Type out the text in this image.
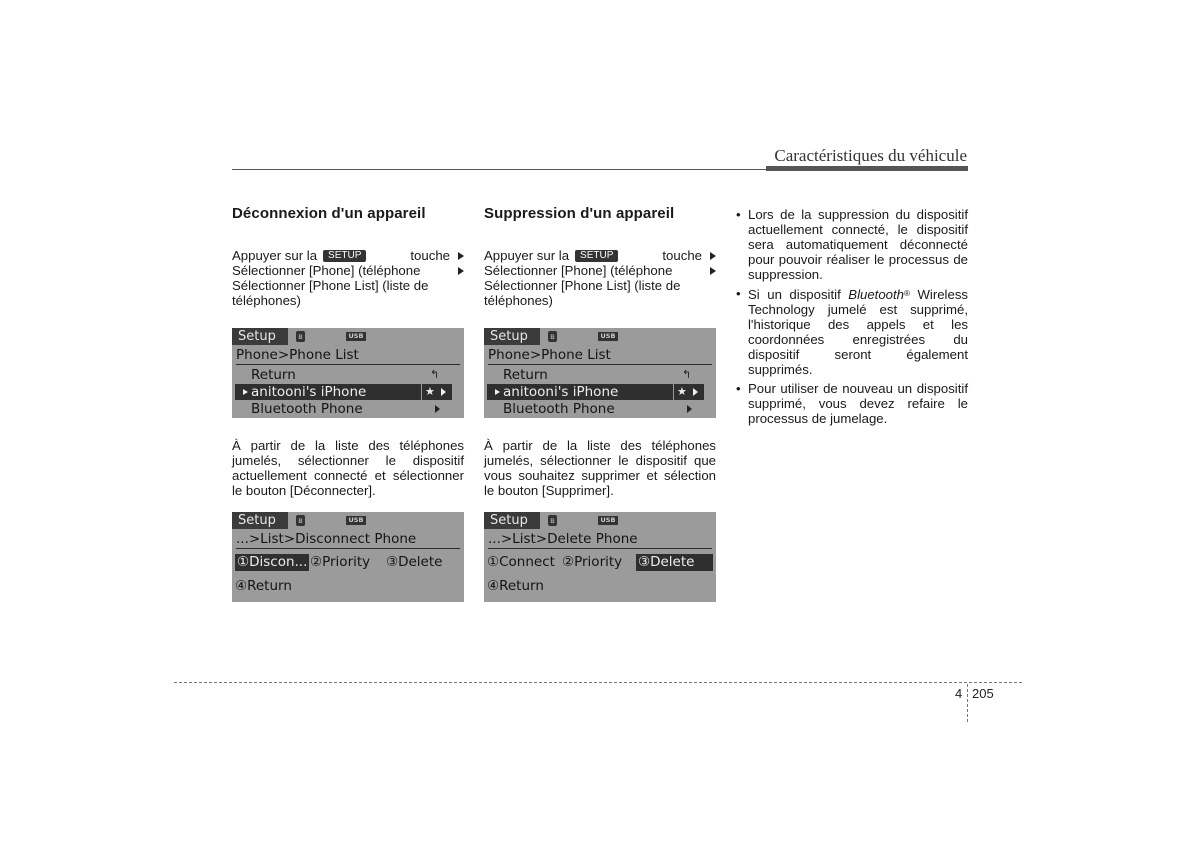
Caractéristiques du véhicule
Déconnexion d'un appareil

Appuyer sur la	SETUP	touche
Sélectionner [Phone] (téléphone
Sélectionner [Phone List] (liste de
téléphones)

Setup	ʙ	USB
Phone>Phone List
Return	↰
anitooni's iPhone	★
Bluetooth Phone

À partir de la liste des téléphones jumelés, sélectionner le dispositif actuellement connecté et sélectionner le bouton [Déconnecter].

Setup	ʙ	USB
...>List>Disconnect Phone
①Discon... ②Priority ③Delete
④Return
Suppression d'un appareil

Appuyer sur la	SETUP	touche
Sélectionner [Phone] (téléphone
Sélectionner [Phone List] (liste de
téléphones)

Setup	ʙ	USB
Phone>Phone List
Return	↰
anitooni's iPhone	★
Bluetooth Phone

À partir de la liste des téléphones jumelés, sélectionner le dispositif que vous souhaitez supprimer et sélection le bouton [Supprimer].

Setup	ʙ	USB
...>List>Delete Phone
①Connect ②Priority ③Delete
④Return
• Lors de la suppression du dispositif actuellement connecté, le dispositif sera automatiquement déconnecté pour pouvoir réaliser le processus de suppression.
• Si un dispositif Bluetooth® Wireless Technology jumelé est supprimé, l'historique des appels et les coordonnées enregistrées du dispositif seront également supprimés.
• Pour utiliser de nouveau un dispositif supprimé, vous devez refaire le processus de jumelage.
4 205
